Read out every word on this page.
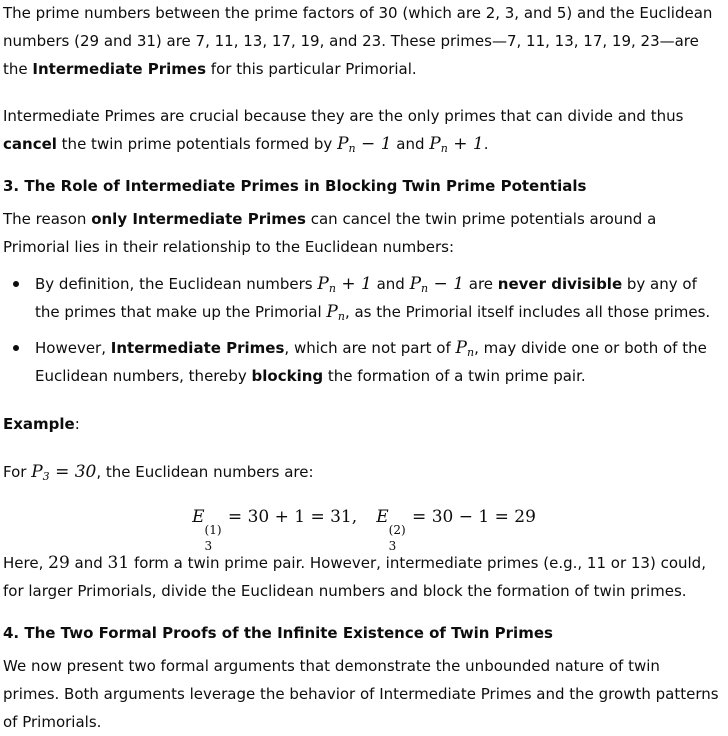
The prime numbers between the prime factors of 30 (which are 2, 3, and 5) and the Euclidean numbers (29 and 31) are 7, 11, 13, 17, 19, and 23. These primes—7, 11, 13, 17, 19, 23—are the Intermediate Primes for this particular Primorial.

Intermediate Primes are crucial because they are the only primes that can divide and thus cancel the twin prime potentials formed by $P_n - 1$ and $P_n + 1$.

3. The Role of Intermediate Primes in Blocking Twin Prime Potentials

The reason only Intermediate Primes can cancel the twin prime potentials around a Primorial lies in their relationship to the Euclidean numbers:

By definition, the Euclidean numbers $P_n + 1$ and $P_n - 1$ are never divisible by any of the primes that make up the Primorial $P_n$, as the Primorial itself includes all those primes.
However, Intermediate Primes, which are not part of $P_n$, may divide one or both of the Euclidean numbers, thereby blocking the formation of a twin prime pair.

Example:

For $P_3 = 30$, the Euclidean numbers are:

E
(1)
3
= 30 + 1 = 31, E
(2)
3
= 30 − 1 = 29

Here, 29 and 31 form a twin prime pair. However, intermediate primes (e.g., 11 or 13) could, for larger Primorials, divide the Euclidean numbers and block the formation of twin primes.

4. The Two Formal Proofs of the Infinite Existence of Twin Primes

We now present two formal arguments that demonstrate the unbounded nature of twin primes. Both arguments leverage the behavior of Intermediate Primes and the growth patterns of Primorials.
